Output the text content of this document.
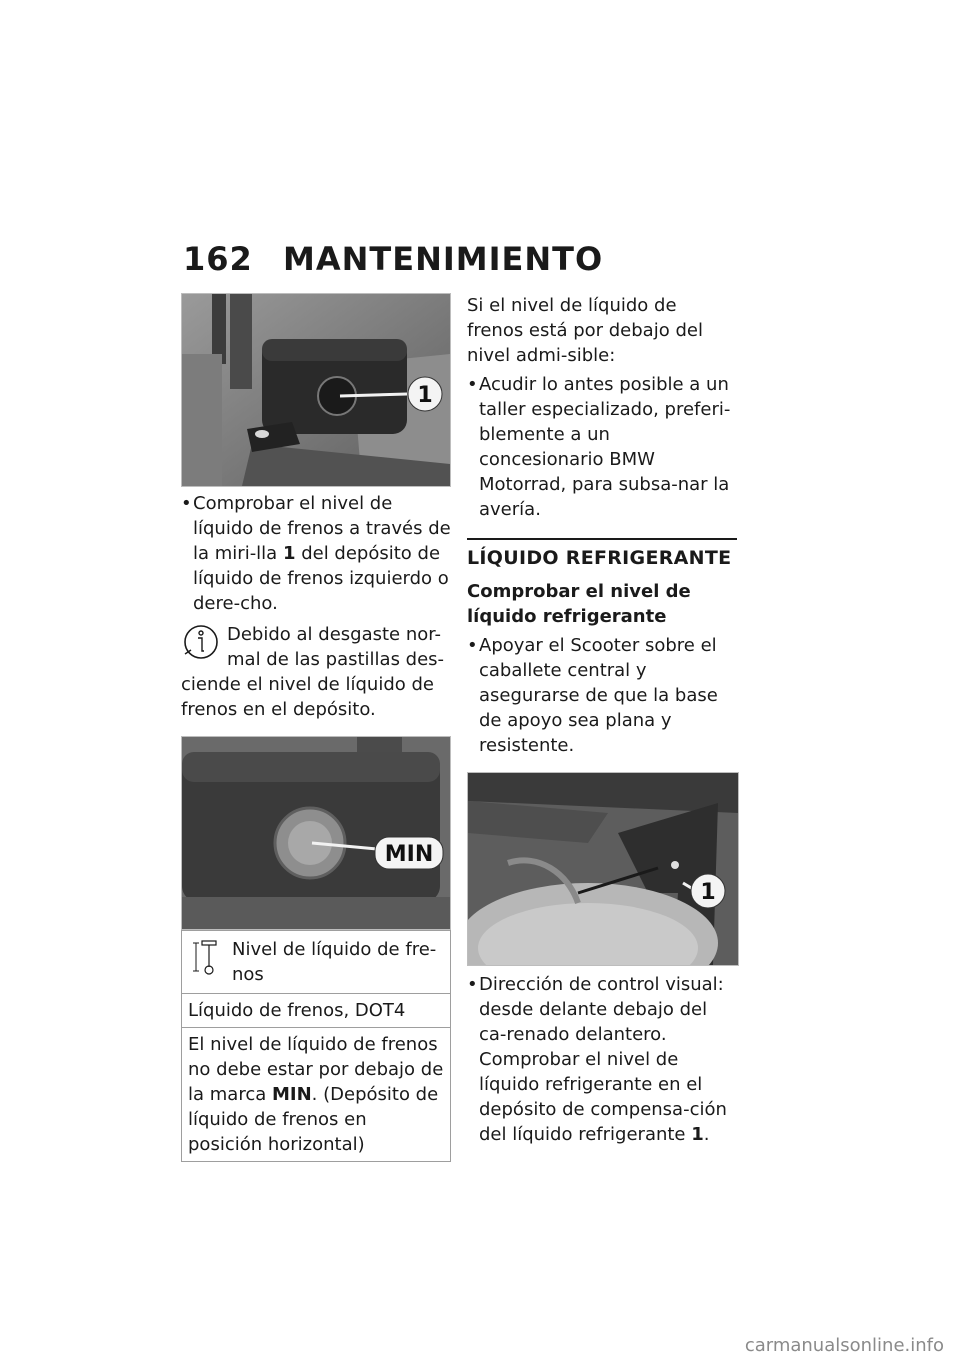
162 MANTENIMIENTO
1
• Comprobar el nivel de líquido de frenos a través de la miri-lla 1 del depósito de líquido de frenos izquierdo o dere-cho.
Debido al desgaste nor-mal de las pastillas des-ciende el nivel de líquido de frenos en el depósito.
MIN
Nivel de líquido de fre-nos
Líquido de frenos, DOT4
El nivel de líquido de frenos no debe estar por debajo de la marca MIN. (Depósito de líquido de frenos en posición horizontal)
Si el nivel de líquido de frenos está por debajo del nivel admi-sible:
• Acudir lo antes posible a un taller especializado, preferi-blemente a un concesionario BMW Motorrad, para subsa-nar la avería.
LÍQUIDO REFRIGERANTE
Comprobar el nivel de líquido refrigerante
• Apoyar el Scooter sobre el caballete central y asegurarse de que la base de apoyo sea plana y resistente.
1
• Dirección de control visual: desde delante debajo del ca-renado delantero. Comprobar el nivel de líquido refrigerante en el depósito de compensa-ción del líquido refrigerante 1.
carmanualsonline.info
